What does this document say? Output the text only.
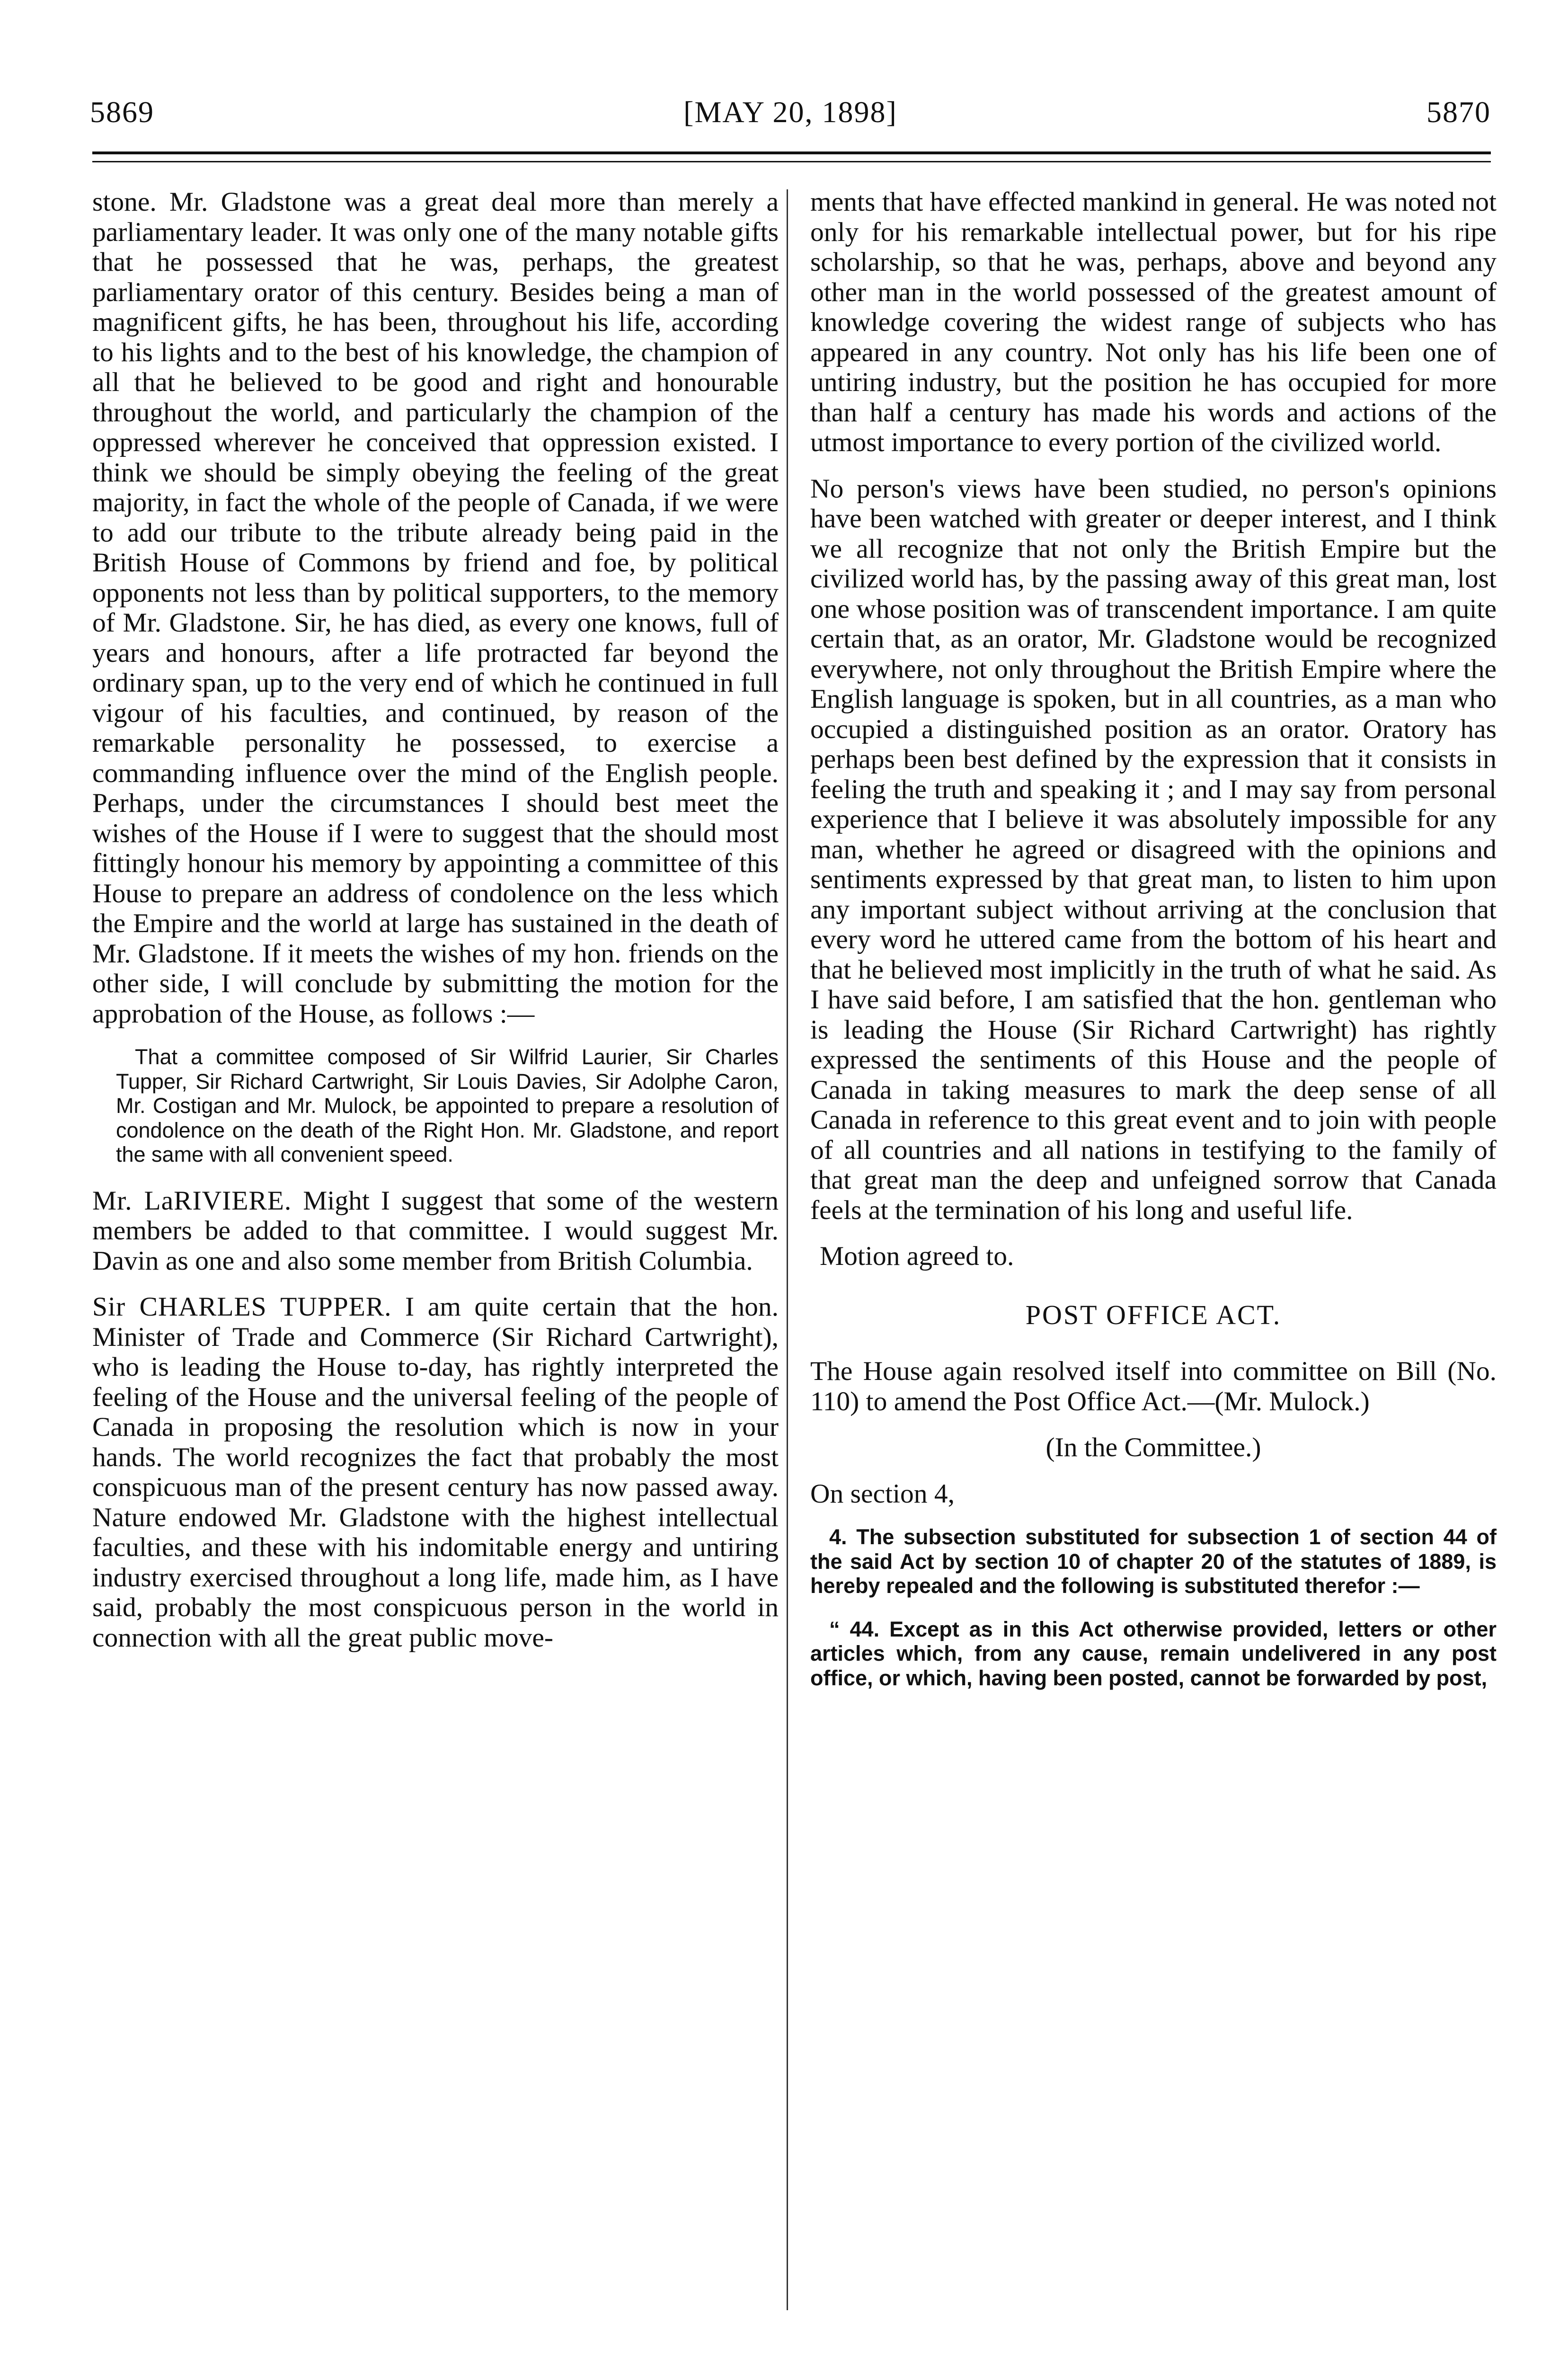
5869	[MAY 20, 1898]	5870

stone. Mr. Gladstone was a great deal more than merely a parliamentary leader. It was only one of the many notable gifts that he possessed that he was, perhaps, the greatest parliamentary orator of this century. Besides being a man of magnificent gifts, he has been, throughout his life, according to his lights and to the best of his knowledge, the champion of all that he believed to be good and right and honourable throughout the world, and particularly the champion of the oppressed wherever he conceived that oppression existed. I think we should be simply obeying the feeling of the great majority, in fact the whole of the people of Canada, if we were to add our tribute to the tribute already being paid in the British House of Commons by friend and foe, by political opponents not less than by political supporters, to the memory of Mr. Gladstone. Sir, he has died, as every one knows, full of years and honours, after a life protracted far beyond the ordinary span, up to the very end of which he continued in full vigour of his faculties, and continued, by reason of the remarkable personality he possessed, to exercise a commanding influence over the mind of the English people. Perhaps, under the circumstances I should best meet the wishes of the House if I were to suggest that the should most fittingly honour his memory by appointing a committee of this House to prepare an address of condolence on the less which the Empire and the world at large has sustained in the death of Mr. Gladstone. If it meets the wishes of my hon. friends on the other side, I will conclude by submitting the motion for the approbation of the House, as follows :—

That a committee composed of Sir Wilfrid Laurier, Sir Charles Tupper, Sir Richard Cartwright, Sir Louis Davies, Sir Adolphe Caron, Mr. Costigan and Mr. Mulock, be appointed to prepare a resolution of condolence on the death of the Right Hon. Mr. Gladstone, and report the same with all convenient speed.

Mr. LaRIVIERE. Might I suggest that some of the western members be added to that committee. I would suggest Mr. Davin as one and also some member from British Columbia.

Sir CHARLES TUPPER. I am quite certain that the hon. Minister of Trade and Commerce (Sir Richard Cartwright), who is leading the House to-day, has rightly interpreted the feeling of the House and the universal feeling of the people of Canada in proposing the resolution which is now in your hands. The world recognizes the fact that probably the most conspicuous man of the present century has now passed away. Nature endowed Mr. Gladstone with the highest intellectual faculties, and these with his indomitable energy and untiring industry exercised throughout a long life, made him, as I have said, probably the most conspicuous person in the world in connection with all the great public move-

ments that have effected mankind in general. He was noted not only for his remarkable intellectual power, but for his ripe scholarship, so that he was, perhaps, above and beyond any other man in the world possessed of the greatest amount of knowledge covering the widest range of subjects who has appeared in any country. Not only has his life been one of untiring industry, but the position he has occupied for more than half a century has made his words and actions of the utmost importance to every portion of the civilized world.

No person's views have been studied, no person's opinions have been watched with greater or deeper interest, and I think we all recognize that not only the British Empire but the civilized world has, by the passing away of this great man, lost one whose position was of transcendent importance. I am quite certain that, as an orator, Mr. Gladstone would be recognized everywhere, not only throughout the British Empire where the English language is spoken, but in all countries, as a man who occupied a distinguished position as an orator. Oratory has perhaps been best defined by the expression that it consists in feeling the truth and speaking it ; and I may say from personal experience that I believe it was absolutely impossible for any man, whether he agreed or disagreed with the opinions and sentiments expressed by that great man, to listen to him upon any important subject without arriving at the conclusion that every word he uttered came from the bottom of his heart and that he believed most implicitly in the truth of what he said. As I have said before, I am satisfied that the hon. gentleman who is leading the House (Sir Richard Cartwright) has rightly expressed the sentiments of this House and the people of Canada in taking measures to mark the deep sense of all Canada in reference to this great event and to join with people of all countries and all nations in testifying to the family of that great man the deep and unfeigned sorrow that Canada feels at the termination of his long and useful life.

Motion agreed to.

POST OFFICE ACT.

The House again resolved itself into committee on Bill (No. 110) to amend the Post Office Act.—(Mr. Mulock.)

(In the Committee.)

On section 4,

4. The subsection substituted for subsection 1 of section 44 of the said Act by section 10 of chapter 20 of the statutes of 1889, is hereby repealed and the following is substituted therefor :—

“ 44. Except as in this Act otherwise provided, letters or other articles which, from any cause, remain undelivered in any post office, or which, having been posted, cannot be forwarded by post,
